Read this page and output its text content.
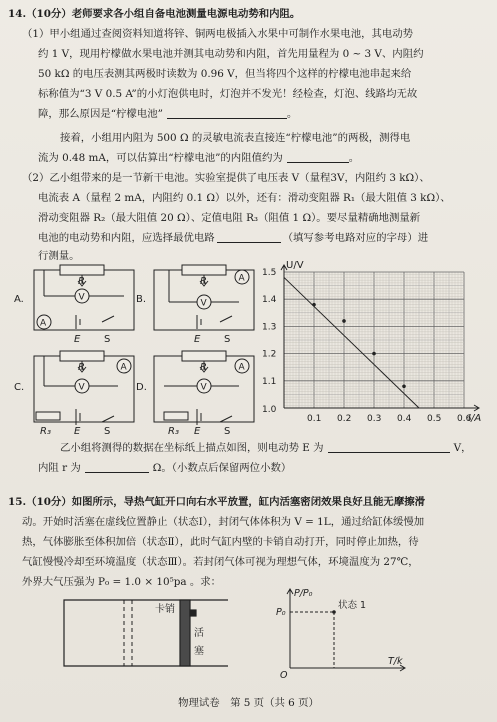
14.（10分）老师要求各小组自备电池测量电源电动势和内阻。
（1）甲小组通过查阅资料知道将锌、铜两电极插入水果中可制作水果电池，其电动势
约 1 V，现用柠檬做水果电池并测其电动势和内阻，首先用量程为 0 ~ 3 V、内阻约
50 kΩ 的电压表测其两极时读数为 0.96 V，但当将四个这样的柠檬电池串起来给
标称值为“3 V 0.5 A”的小灯泡供电时，灯泡并不发光！经检查，灯泡、线路均无故
障，那么原因是“柠檬电池”	。
接着，小组用内阻为 500 Ω 的灵敏电流表直接连“柠檬电池”的两极，测得电
流为 0.48 mA，可以估算出“柠檬电池”的内阻值约为	。
（2）乙小组带来的是一节新干电池。实验室提供了电压表 V（量程3V，内阻约 3 kΩ）、
电流表 A（量程 2 mA，内阻约 0.1 Ω）以外，还有：滑动变阻器 R₁（最大阻值 3 kΩ）、
滑动变阻器 R₂（最大阻值 20 Ω）、定值电阻 R₃（阻值 1 Ω）。要尽量精确地测量新
电池的电动势和内阻，应选择最优电路	（填写参考电路对应的字母）进
行测量。
A.
R
V
A
E S
B.
R	A
V
E S
C.
R	A
V
R₃ E S
D.
R	A
V
R₃ E S
1.1
1.2
1.3
1.4
1.5
0.1 0.2 0.3 0.4 0.5 0.6
U/V
I/A
1.0
乙小组将测得的数据在坐标纸上描点如图，则电动势 E 为	V，
内阻 r 为	Ω。（小数点后保留两位小数）
15.（10分）如图所示，导热气缸开口向右水平放置，缸内活塞密闭效果良好且能无摩擦滑
动。开始时活塞在虚线位置静止（状态Ⅰ），封闭气体体积为 V = 1L，通过给缸体缓慢加
热，气体膨胀至体积加倍（状态Ⅱ），此时气缸内壁的卡销自动打开，同时停止加热，待
气缸慢慢冷却至环境温度（状态Ⅲ）。若封闭气体可视为理想气体，环境温度为 27℃，
外界大气压强为 P₀ = 1.0 × 10⁵pa 。求：
卡销
活
塞
P/P₀
P₀
状态 1
T/k
O
物理试卷　第 5 页（共 6 页）
